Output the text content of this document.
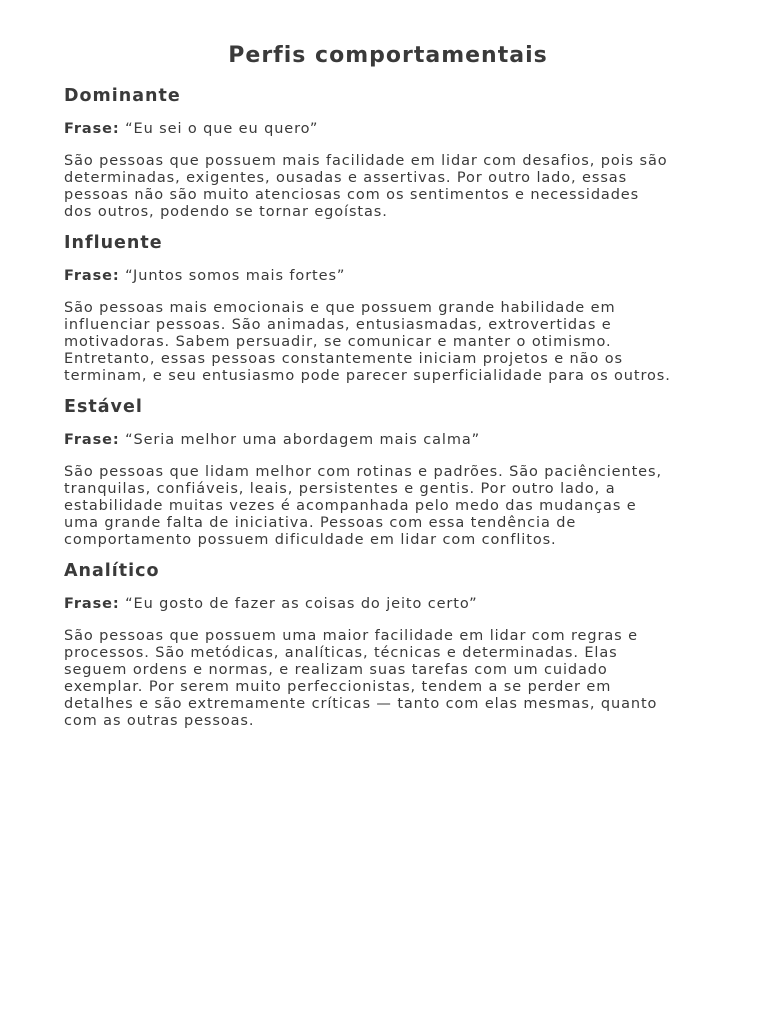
Perfis comportamentais
Dominante

Frase: “Eu sei o que eu quero”

São pessoas que possuem mais facilidade em lidar com desafios, pois são
determinadas, exigentes, ousadas e assertivas. Por outro lado, essas
pessoas não são muito atenciosas com os sentimentos e necessidades
dos outros, podendo se tornar egoístas.

Influente

Frase: “Juntos somos mais fortes”

São pessoas mais emocionais e que possuem grande habilidade em
influenciar pessoas. São animadas, entusiasmadas, extrovertidas e
motivadoras. Sabem persuadir, se comunicar e manter o otimismo.
Entretanto, essas pessoas constantemente iniciam projetos e não os
terminam, e seu entusiasmo pode parecer superficialidade para os outros.

Estável

Frase: “Seria melhor uma abordagem mais calma”

São pessoas que lidam melhor com rotinas e padrões. São paciêncientes,
tranquilas, confiáveis, leais, persistentes e gentis. Por outro lado, a
estabilidade muitas vezes é acompanhada pelo medo das mudanças e
uma grande falta de iniciativa. Pessoas com essa tendência de
comportamento possuem dificuldade em lidar com conflitos.

Analítico

Frase: “Eu gosto de fazer as coisas do jeito certo”

São pessoas que possuem uma maior facilidade em lidar com regras e
processos. São metódicas, analíticas, técnicas e determinadas. Elas
seguem ordens e normas, e realizam suas tarefas com um cuidado
exemplar. Por serem muito perfeccionistas, tendem a se perder em
detalhes e são extremamente críticas — tanto com elas mesmas, quanto
com as outras pessoas.
